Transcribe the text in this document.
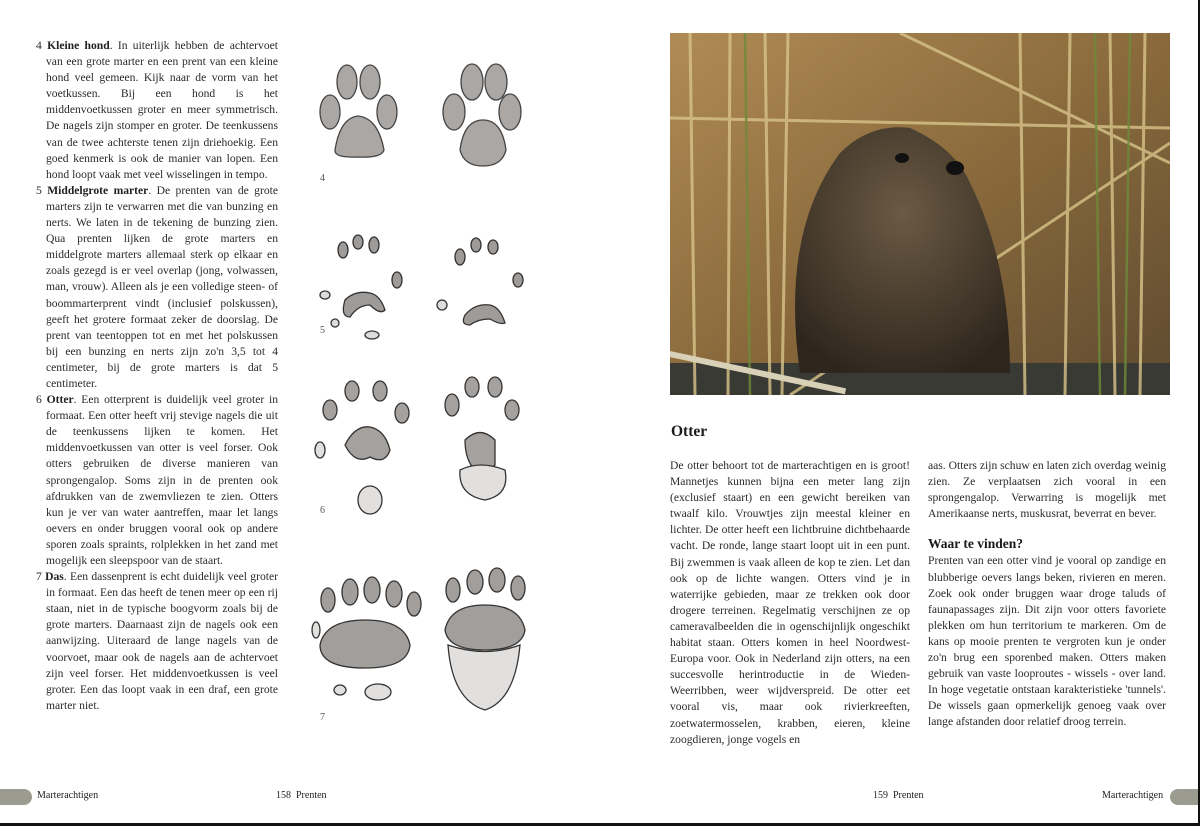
4 Kleine hond. In uiterlijk hebben de achtervoet van een grote marter en een prent van een kleine hond veel gemeen. Kijk naar de vorm van het voetkussen. Bij een hond is het middenvoetkussen groter en meer symmetrisch. De nagels zijn stomper en groter. De teenkussens van de twee achterste tenen zijn driehoekig. Een goed kenmerk is ook de manier van lopen. Een hond loopt vaak met veel wisselingen in tempo.

5 Middelgrote marter. De prenten van de grote marters zijn te verwarren met die van bunzing en nerts. We laten in de tekening de bunzing zien. Qua prenten lijken de grote marters en middelgrote marters allemaal sterk op elkaar en zoals gezegd is er veel overlap (jong, volwassen, man, vrouw). Alleen als je een volledige steen- of boommarterprent vindt (inclusief polskussen), geeft het grotere formaat zeker de doorslag. De prent van teentoppen tot en met het polskussen bij een bunzing en nerts zijn zo'n 3,5 tot 4 centimeter, bij de grote marters is dat 5 centimeter.

6 Otter. Een otterprent is duidelijk veel groter in formaat. Een otter heeft vrij stevige nagels die uit de teenkussens lijken te komen. Het middenvoetkussen van otter is veel forser. Ook otters gebruiken de diverse manieren van sprongengalop. Soms zijn in de prenten ook afdrukken van de zwemvliezen te zien. Otters kun je ver van water aantreffen, maar let langs oevers en onder bruggen vooral ook op andere sporen zoals spraints, rolplekken in het zand met mogelijk een sleepspoor van de staart.

7 Das. Een dassenprent is echt duidelijk veel groter in formaat. Een das heeft de tenen meer op een rij staan, niet in de typische boogvorm zoals bij de grote marters. Daarnaast zijn de nagels ook een aanwijzing. Uiteraard de lange nagels van de voorvoet, maar ook de nagels aan de achtervoet zijn veel forser. Het middenvoetkussen is veel groter. Een das loopt vaak in een draf, een grote marter niet.

4
5
6
7
Marterachtigen	158 Prenten
Otter

De otter behoort tot de marterachtigen en is groot! Mannetjes kunnen bijna een meter lang zijn (exclusief staart) en een gewicht bereiken van twaalf kilo. Vrouwtjes zijn meestal kleiner en lichter. De otter heeft een lichtbruine dichtbehaarde vacht. De ronde, lange staart loopt uit in een punt. Bij zwemmen is vaak alleen de kop te zien. Let dan ook op de lichte wangen. Otters vind je in waterrijke gebieden, maar ze trekken ook door drogere terreinen. Regelmatig verschijnen ze op cameravalbeelden die in ogenschijnlijk ongeschikt habitat staan. Otters komen in heel Noordwest-Europa voor. Ook in Nederland zijn otters, na een succesvolle herintroductie in de Wieden-Weerribben, weer wijdverspreid. De otter eet vooral vis, maar ook rivierkreeften, zoetwatermosselen, krabben, eieren, kleine zoogdieren, jonge vogels en

aas. Otters zijn schuw en laten zich overdag weinig zien. Ze verplaatsen zich vooral in een sprongengalop. Verwarring is mogelijk met Amerikaanse nerts, muskusrat, beverrat en bever.

Waar te vinden?

Prenten van een otter vind je vooral op zandige en blubberige oevers langs beken, rivieren en meren. Zoek ook onder bruggen waar droge taluds of faunapassages zijn. Dit zijn voor otters favoriete plekken om hun territorium te markeren. Om de kans op mooie prenten te vergroten kun je onder zo'n brug een sporenbed maken. Otters maken gebruik van vaste looproutes - wissels - over land. In hoge vegetatie ontstaan karakteristieke 'tunnels'. De wissels gaan opmerkelijk genoeg vaak over lange afstanden door relatief droog terrein.

159 Prenten	Marterachtigen
